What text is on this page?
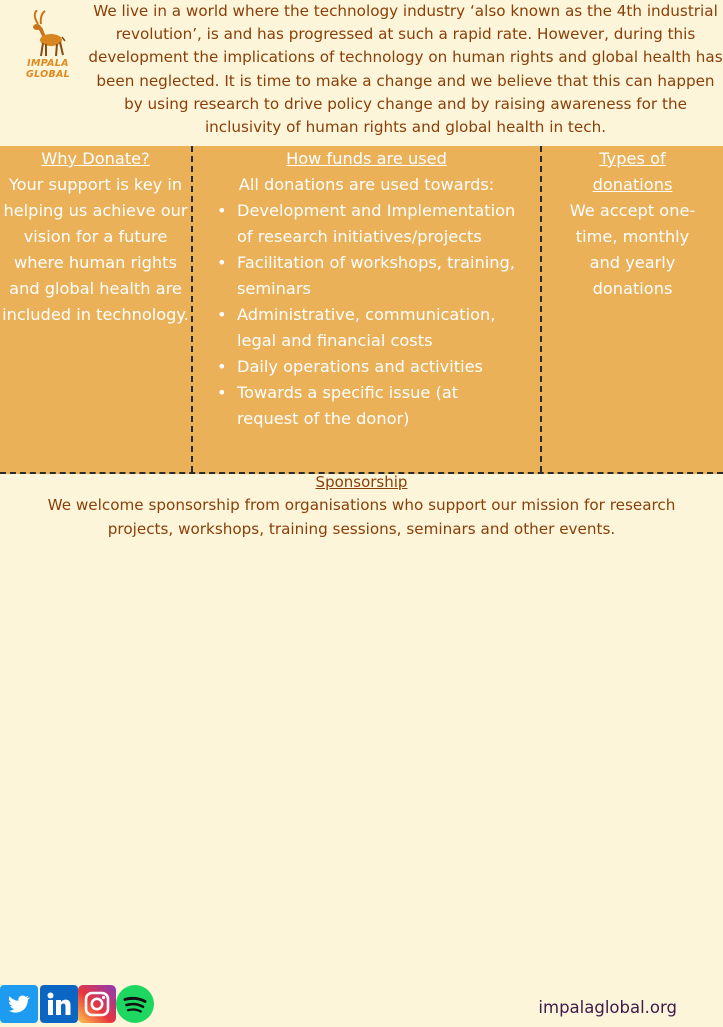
IMPALA GLOBAL
We live in a world where the technology industry ‘also known as the 4th industrial revolution’, is and has progressed at such a rapid rate. However, during this development the implications of technology on human rights and global health has been neglected. It is time to make a change and we believe that this can happen by using research to drive policy change and by raising awareness for the inclusivity of human rights and global health in tech.
Why Donate?
Your support is key in helping us achieve our vision for a future where human rights and global health are included in technology.
How funds are used
All donations are used towards:
• Development and Implementation of research initiatives/projects
• Facilitation of workshops, training, seminars
• Administrative, communication, legal and financial costs
• Daily operations and activities
• Towards a specific issue (at request of the donor)
Types of donations
We accept one-time, monthly and yearly donations
Sponsorship
We welcome sponsorship from organisations who support our mission for research projects, workshops, training sessions, seminars and other events.
impalaglobal.org
